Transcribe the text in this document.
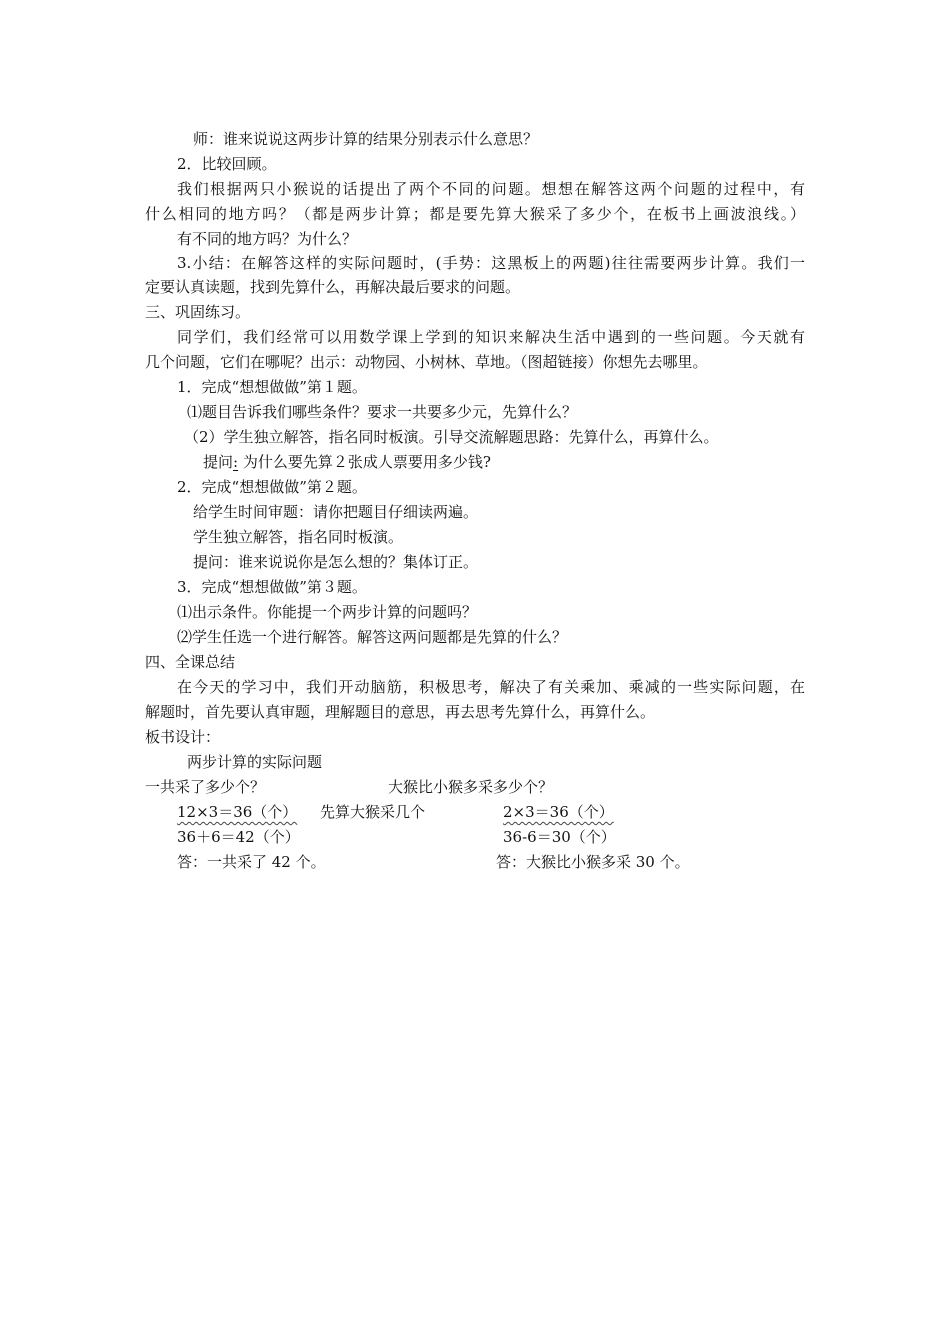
师：谁来说说这两步计算的结果分别表示什么意思？
2．比较回顾。
我们根据两只小猴说的话提出了两个不同的问题。想想在解答这两个问题的过程中，有
什么相同的地方吗？（都是两步计算；都是要先算大猴采了多少个，在板书上画波浪线。）
有不同的地方吗？为什么？
3.小结：在解答这样的实际问题时，(手势：这黑板上的两题)往往需要两步计算。我们一
定要认真读题，找到先算什么，再解决最后要求的问题。
三、巩固练习。
同学们，我们经常可以用数学课上学到的知识来解决生活中遇到的一些问题。今天就有
几个问题，它们在哪呢？出示：动物园、小树林、草地。（图超链接）你想先去哪里。
1．完成“想想做做”第１题。
⑴题目告诉我们哪些条件？要求一共要多少元，先算什么？
（2）学生独立解答，指名同时板演。引导交流解题思路：先算什么，再算什么。
提问: 为什么要先算２张成人票要用多少钱?
2．完成“想想做做”第２题。
给学生时间审题：请你把题目仔细读两遍。
学生独立解答，指名同时板演。
提问：谁来说说你是怎么想的？集体订正。
3．完成“想想做做”第３题。
⑴出示条件。你能提一个两步计算的问题吗？
⑵学生任选一个进行解答。解答这两问题都是先算的什么？
四、全课总结
在今天的学习中，我们开动脑筋，积极思考，解决了有关乘加、乘减的一些实际问题，在
解题时，首先要认真审题，理解题目的意思，再去思考先算什么，再算什么。
板书设计：
两步计算的实际问题
一共采了多少个？	大猴比小猴多采多少个？
12×3＝36（个） 先算大猴采几个	2×3＝36（个）
36＋6＝42（个）	36-6＝30（个）
答：一共采了 42 个。	答：大猴比小猴多采 30 个。
